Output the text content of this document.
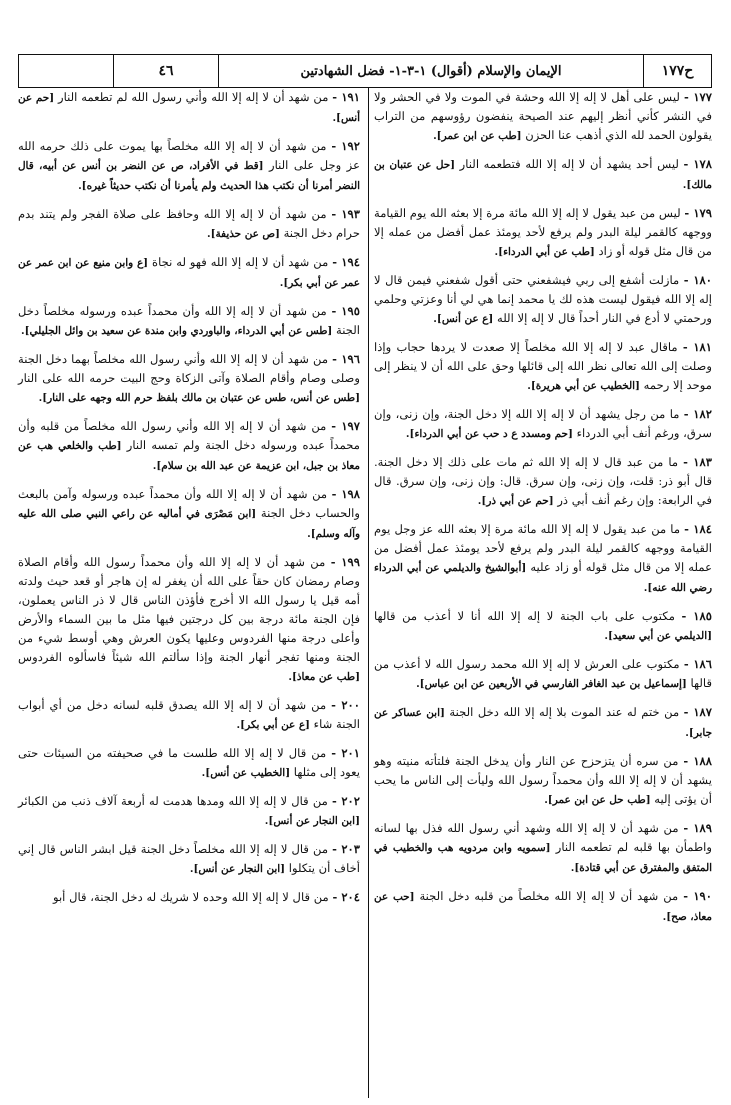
ح١٧٧
الإيمان والإسلام (أقوال) ١-٣-١- فضل الشهادتين
٤٦
١٧٧ - ليس على أهل لا إله إلا الله وحشة في الموت ولا في الحشر ولا في النشر كأني أنظر إليهم عند الصيحة ينفضون رؤوسهم من التراب يقولون الحمد لله الذي أذهب عنا الحزن [طب عن ابن عمر].
١٧٨ - ليس أحد يشهد أن لا إله إلا الله فتطعمه النار [حل عن عتبان بن مالك].
١٧٩ - ليس من عبد يقول لا إله إلا الله مائة مرة إلا بعثه الله يوم القيامة ووجهه كالقمر ليلة البدر ولم يرفع لأحد يومئذ عمل أفضل من عمله إلا من قال مثل قوله أو زاد [طب عن أبي الدرداء].
١٨٠ - مازلت أشفع إلى ربي فيشفعني حتى أقول شفعني فيمن قال لا إله إلا الله فيقول ليست هذه لك يا محمد إنما هي لي أنا وعزتي وحلمي ورحمتي لا أدع في النار أحداً قال لا إله إلا الله [ع عن أنس].
١٨١ - ماقال عبد لا إله إلا الله مخلصاً إلا صعدت لا يردها حجاب وإذا وصلت إلى الله تعالى نظر الله إلى قائلها وحق على الله أن لا ينظر إلى موحد إلا رحمه [الخطيب عن أبي هريرة].
١٨٢ - ما من رجل يشهد أن لا إله إلا الله إلا دخل الجنة، وإن زنى، وإن سرق، ورغم أنف أبي الدرداء [حم ومسدد ع د حب عن أبي الدرداء].
١٨٣ - ما من عبد قال لا إله إلا الله ثم مات على ذلك إلا دخل الجنة. قال أبو ذر: قلت، وإن زنى، وإن سرق. قال: وإن زنى، وإن سرق. قال في الرابعة: وإن رغم أنف أبي ذر [حم عن أبي ذر].
١٨٤ - ما من عبد يقول لا إله إلا الله مائة مرة إلا بعثه الله عز وجل يوم القيامة ووجهه كالقمر ليلة البدر ولم يرفع لأحد يومئذ عمل أفضل من عمله إلا من قال مثل قوله أو زاد عليه [أبوالشيخ والديلمي عن أبي الدرداء رضي الله عنه].
١٨٥ - مكتوب على باب الجنة لا إله إلا الله أنا لا أعذب من قالها [الديلمي عن أبي سعيد].
١٨٦ - مكتوب على العرش لا إله إلا الله محمد رسول الله لا أعذب من قالها [إسماعيل بن عبد الغافر الفارسي في الأربعين عن ابن عباس].
١٨٧ - من ختم له عند الموت بلا إله إلا الله دخل الجنة [ابن عساكر عن جابر].
١٨٨ - من سره أن يتزحزح عن النار وأن يدخل الجنة فلتأته منيته وهو يشهد أن لا إله إلا الله وأن محمداً رسول الله وليأت إلى الناس ما يحب أن يؤتى إليه [طب حل عن ابن عمر].
١٨٩ - من شهد أن لا إله إلا الله وشهد أني رسول الله فذل بها لسانه واطمأن بها قلبه لم تطعمه النار [سمويه وابن مردويه هب والخطيب في المتفق والمفترق عن أبي قتادة].
١٩٠ - من شهد أن لا إله إلا الله مخلصاً من قلبه دخل الجنة [حب عن معاذ، صح].
١٩١ - من شهد أن لا إله إلا الله وأني رسول الله لم تطعمه النار [حم عن أنس].
١٩٢ - من شهد أن لا إله إلا الله مخلصاً بها يموت على ذلك حرمه الله عز وجل على النار [قط في الأفراد، ص عن النضر بن أنس عن أبيه، قال النضر أمرنا أن نكتب هذا الحديث ولم يأمرنا أن نكتب حديثاً غيره].
١٩٣ - من شهد أن لا إله إلا الله وحافظ على صلاة الفجر ولم يتند بدم حرام دخل الجنة [ص عن حذيفة].
١٩٤ - من شهد أن لا إله إلا الله فهو له نجاة [ع وابن منيع عن ابن عمر عن عمر عن أبي بكر].
١٩٥ - من شهد أن لا إله إلا الله وأن محمداً عبده ورسوله مخلصاً دخل الجنة [طس عن أبي الدرداء، والباوردي وابن مندة عن سعيد بن وائل الجليلي].
١٩٦ - من شهد أن لا إله إلا الله وأني رسول الله مخلصاً بهما دخل الجنة وصلى وصام وأقام الصلاة وآتى الزكاة وحج البيت حرمه الله على النار [طس عن أنس، طس عن عتبان بن مالك بلفظ حرم الله وجهه على النار].
١٩٧ - من شهد أن لا إله إلا الله وأني رسول الله مخلصاً من قلبه وأن محمداً عبده ورسوله دخل الجنة ولم تمسه النار [طب والخلعي هب عن معاذ بن جبل، ابن عزيمة عن عبد الله بن سلام].
١٩٨ - من شهد أن لا إله إلا الله وأن محمداً عبده ورسوله وآمن بالبعث والحساب دخل الجنة [ابن مَصْرَى في أماليه عن راعي النبي صلى الله عليه وآله وسلم].
١٩٩ - من شهد أن لا إله إلا الله وأن محمداً رسول الله وأقام الصلاة وصام رمضان كان حقاً على الله أن يغفر له إن هاجر أو قعد حيث ولدته أمه قيل يا رسول الله الا أخرج فأؤذن الناس قال لا ذر الناس يعملون، فإن الجنة مائة درجة بين كل درجتين فيها مثل ما بين السماء والأرض وأعلى درجة منها الفردوس وعليها يكون العرش وهي أوسط شيء من الجنة ومنها تفجر أنهار الجنة وإذا سألتم الله شيئاً فاسألوه الفردوس [طب عن معاذ].
٢٠٠ - من شهد أن لا إله إلا الله يصدق قلبه لسانه دخل من أي أبواب الجنة شاء [ع عن أبي بكر].
٢٠١ - من قال لا إله إلا الله طلست ما في صحيفته من السيئات حتى يعود إلى مثلها [الخطيب عن أنس].
٢٠٢ - من قال لا إله إلا الله ومدها هدمت له أربعة آلاف ذنب من الكبائر [ابن النجار عن أنس].
٢٠٣ - من قال لا إله إلا الله مخلصاً دخل الجنة قيل ابشر الناس قال إني أخاف أن يتكلوا [ابن النجار عن أنس].
٢٠٤ - من قال لا إله إلا الله وحده لا شريك له دخل الجنة، قال أبو
